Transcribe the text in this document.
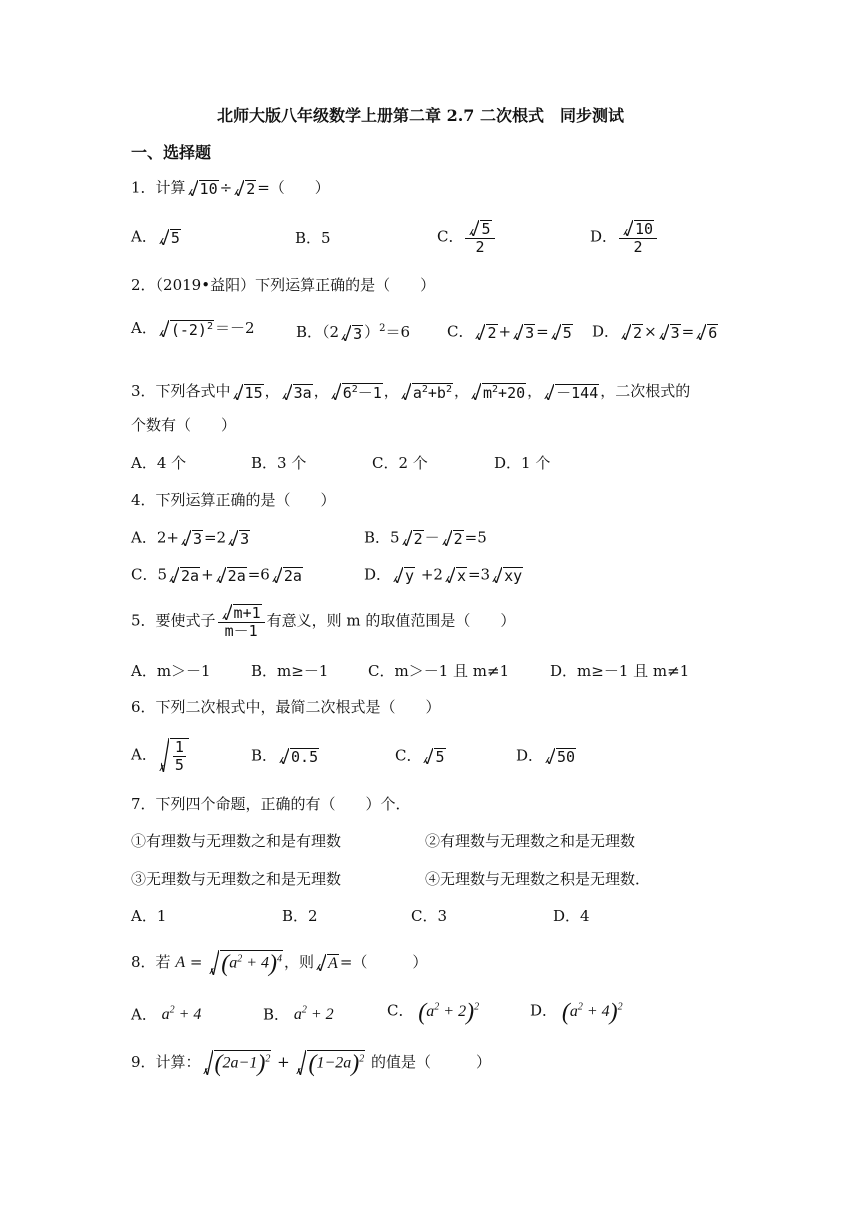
北师大版八年级数学上册第二章 2.7 二次根式　同步测试
一、选择题
1．计算 10 ÷ 2 =（　　）
A． 5	B．5	C． $\frac{5}{2}$	D． $\frac{10}{2}$
2．（2019•益阳）下列运算正确的是（　　）
A． $(-2)^2 =-2$	B．（2 3 ）$^2$＝6 C． 2 + 3 = 5 D． 2 × 3 = 6
3．下列各式中 15 ， 3a ， $6^2-1$ ， $a^2+b^2$ ， $m^2+20$ ， －144 ，二次根式的
个数有（　　）
A．4 个	B．3 个	C．2 个	D．1 个
4．下列运算正确的是（　　）
A．2+ 3 =2 3	B．5 2 － 2 =5
C．5 2a + 2a =6 2a	D． y +2 x =3 xy
5．要使式子 $\frac{m+1}{m-1}$ 有意义，则 m 的取值范围是（　　）
A．m＞－1	B．m≥－1	C．m＞－1 且 m≠1	D．m≥－1 且 m≠1
6．下列二次根式中，最简二次根式是（　　）
A． $\frac{1}{5}$	B． 0.5	C． 5	D． 50
7．下列四个命题，正确的有（　　）个．
①有理数与无理数之和是有理数	②有理数与无理数之和是无理数
③无理数与无理数之和是无理数	④无理数与无理数之积是无理数．
A．1	B．2	C．3	D．4
8．若 A =
$(a^2 + 4)^4$ ，则 A =（　　　）
A． $a^2 + 4$	B． $a^2 + 2$	C． $(a^2 + 2)^2$	D． $(a^2 + 4)^2$
9．计算： $(2a-1)^2$ +
$(1-2a)^2$ 的值是（　　　）
